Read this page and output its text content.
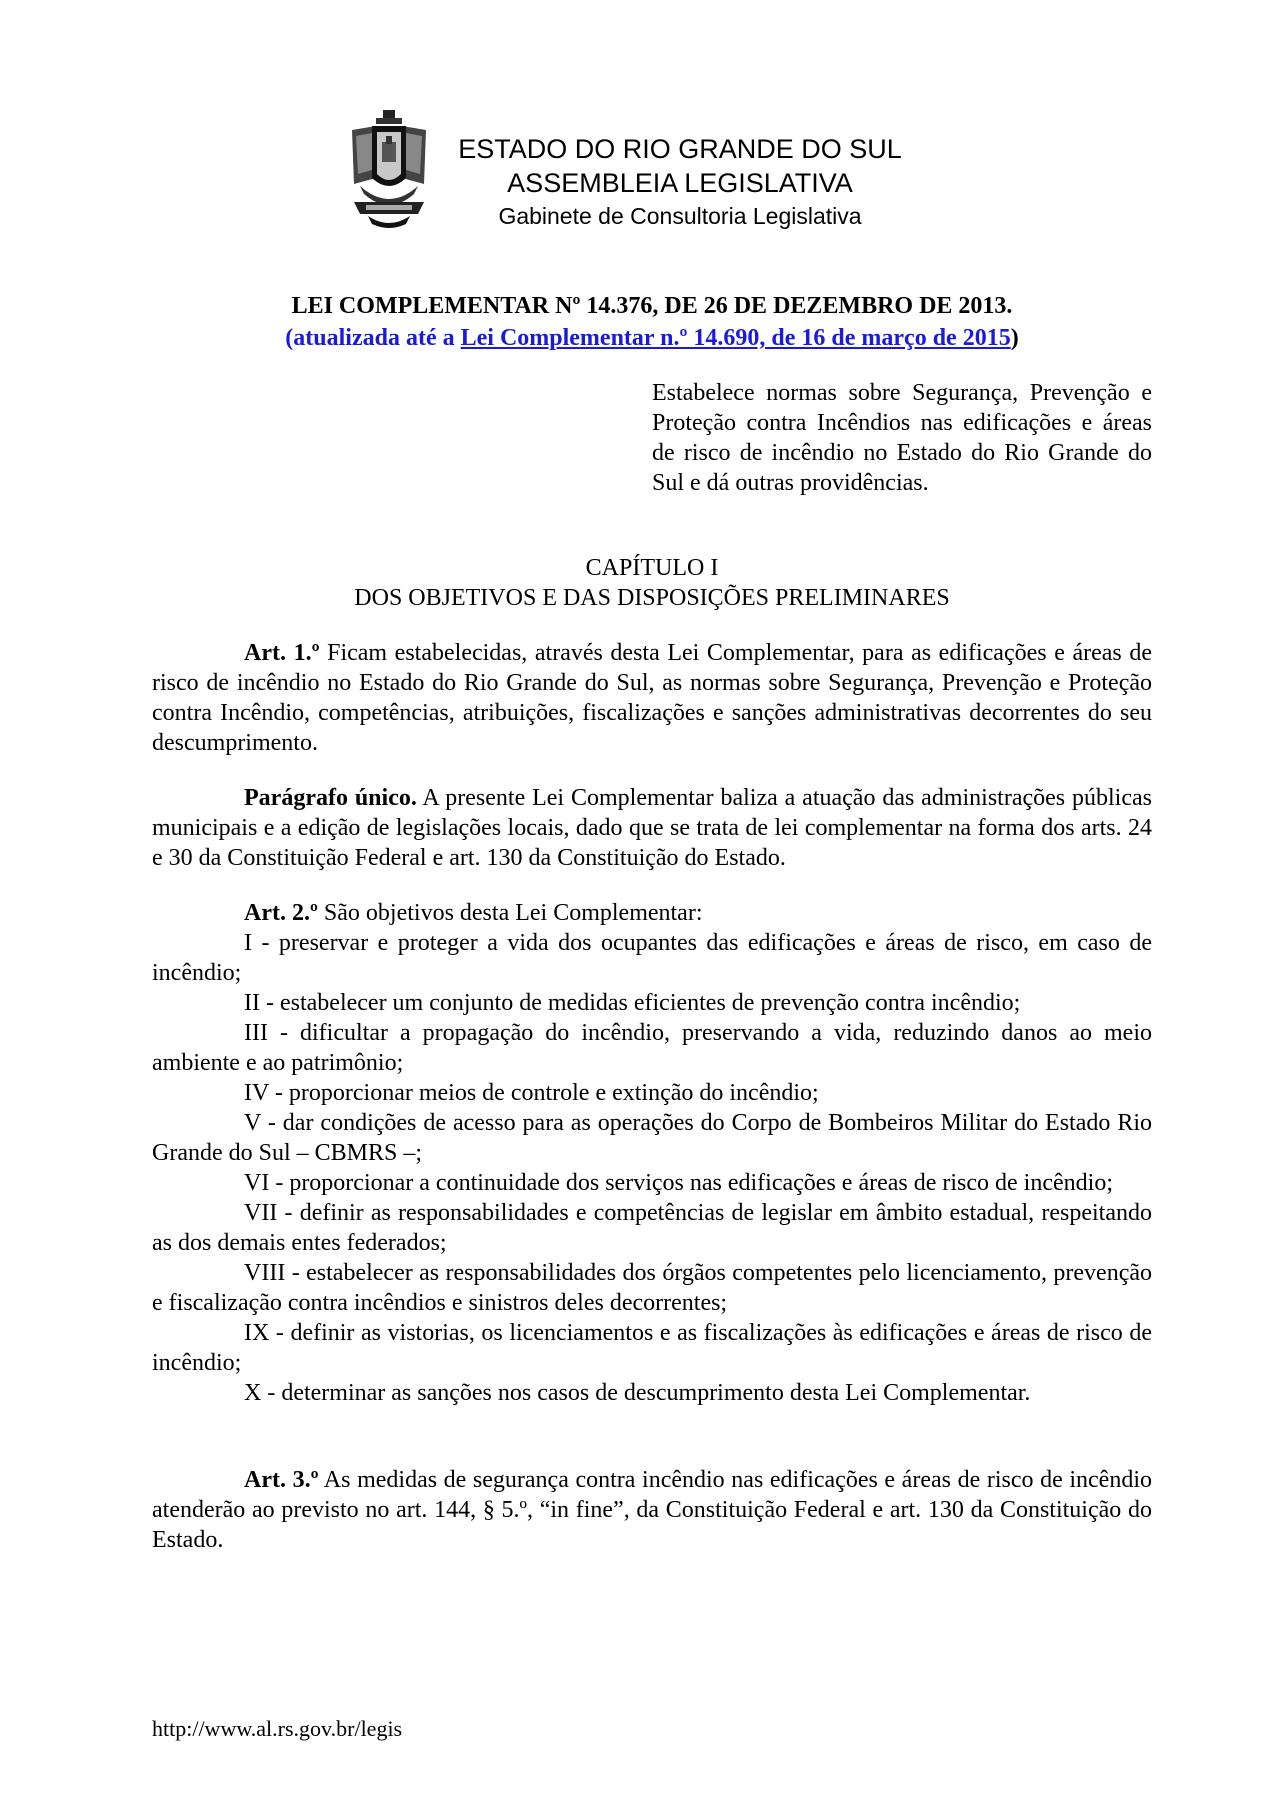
ESTADO DO RIO GRANDE DO SUL
ASSEMBLEIA LEGISLATIVA
Gabinete de Consultoria Legislativa
LEI COMPLEMENTAR Nº 14.376, DE 26 DE DEZEMBRO DE 2013.
(atualizada até a Lei Complementar n.º 14.690, de 16 de março de 2015)
Estabelece normas sobre Segurança, Prevenção e Proteção contra Incêndios nas edificações e áreas de risco de incêndio no Estado do Rio Grande do Sul e dá outras providências.
CAPÍTULO I
DOS OBJETIVOS E DAS DISPOSIÇÕES PRELIMINARES

Art. 1.º Ficam estabelecidas, através desta Lei Complementar, para as edificações e áreas de risco de incêndio no Estado do Rio Grande do Sul, as normas sobre Segurança, Prevenção e Proteção contra Incêndio, competências, atribuições, fiscalizações e sanções administrativas decorrentes do seu descumprimento.

Parágrafo único. A presente Lei Complementar baliza a atuação das administrações públicas municipais e a edição de legislações locais, dado que se trata de lei complementar na forma dos arts. 24 e 30 da Constituição Federal e art. 130 da Constituição do Estado.

Art. 2.º São objetivos desta Lei Complementar:

I - preservar e proteger a vida dos ocupantes das edificações e áreas de risco, em caso de incêndio;

II - estabelecer um conjunto de medidas eficientes de prevenção contra incêndio;

III - dificultar a propagação do incêndio, preservando a vida, reduzindo danos ao meio ambiente e ao patrimônio;

IV - proporcionar meios de controle e extinção do incêndio;

V - dar condições de acesso para as operações do Corpo de Bombeiros Militar do Estado Rio Grande do Sul – CBMRS –;

VI - proporcionar a continuidade dos serviços nas edificações e áreas de risco de incêndio;

VII - definir as responsabilidades e competências de legislar em âmbito estadual, respeitando as dos demais entes federados;

VIII - estabelecer as responsabilidades dos órgãos competentes pelo licenciamento, prevenção e fiscalização contra incêndios e sinistros deles decorrentes;

IX - definir as vistorias, os licenciamentos e as fiscalizações às edificações e áreas de risco de incêndio;

X - determinar as sanções nos casos de descumprimento desta Lei Complementar.

Art. 3.º As medidas de segurança contra incêndio nas edificações e áreas de risco de incêndio atenderão ao previsto no art. 144, § 5.º, “in fine”, da Constituição Federal e art. 130 da Constituição do Estado.

http://www.al.rs.gov.br/legis
